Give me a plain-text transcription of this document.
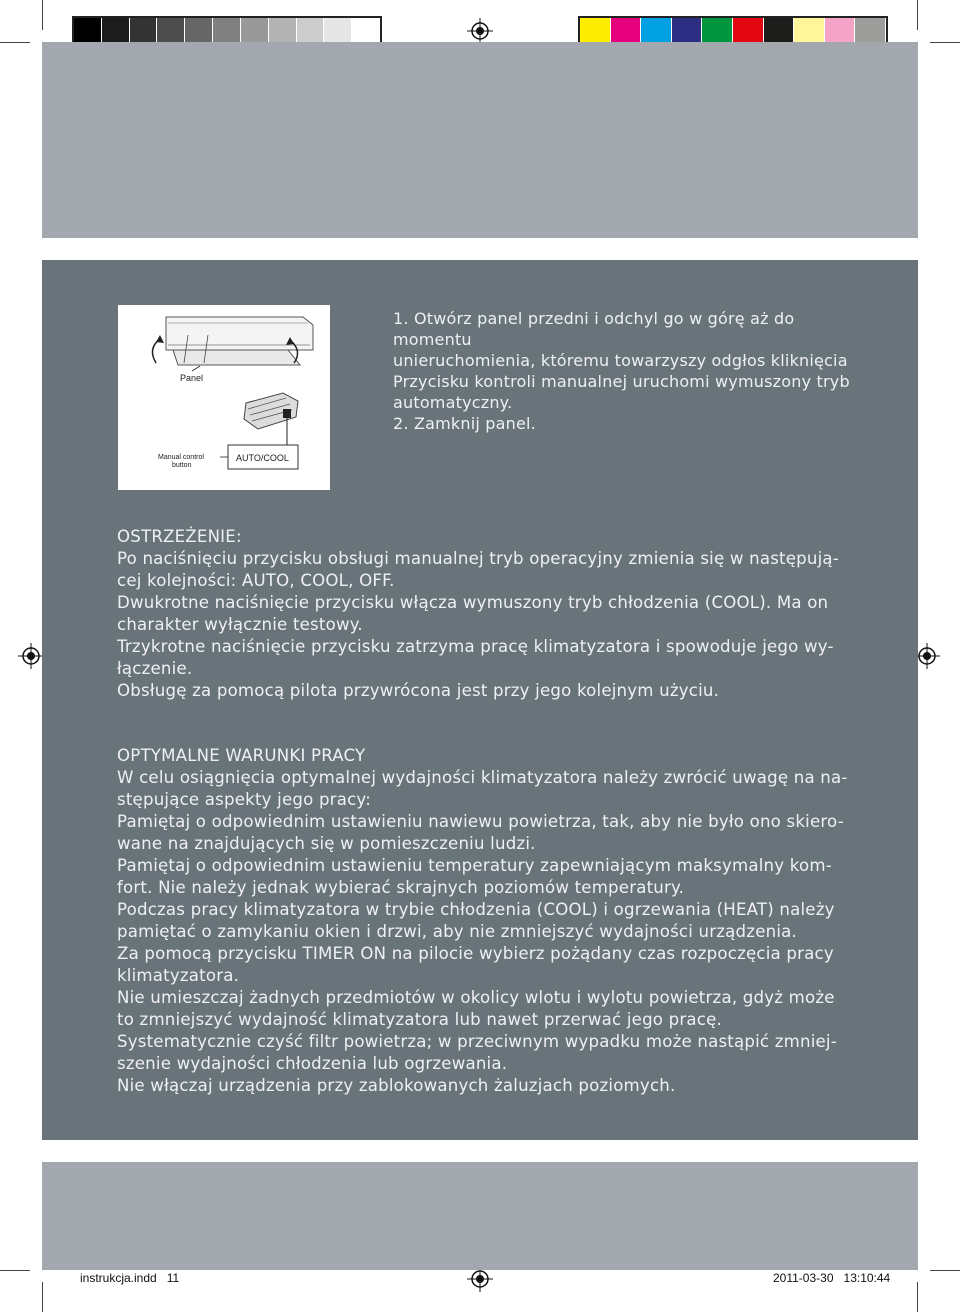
Panel
AUTO/COOL
Manual control
button
1. Otwórz panel przedni i odchyl go w górę aż do momentu
unieruchomienia, któremu towarzyszy odgłos kliknięcia
Przycisku kontroli manualnej uruchomi wymuszony tryb
automatyczny.
2. Zamknij panel.
OSTRZEŻENIE:
Po naciśnięciu przycisku obsługi manualnej tryb operacyjny zmienia się w następują-
cej kolejności: AUTO, COOL, OFF.
Dwukrotne naciśnięcie przycisku włącza wymuszony tryb chłodzenia (COOL). Ma on
charakter wyłącznie testowy.
Trzykrotne naciśnięcie przycisku zatrzyma pracę klimatyzatora i spowoduje jego wy-
łączenie.
Obsługę za pomocą pilota przywrócona jest przy jego kolejnym użyciu.
OPTYMALNE WARUNKI PRACY
W celu osiągnięcia optymalnej wydajności klimatyzatora należy zwrócić uwagę na na-
stępujące aspekty jego pracy:
Pamiętaj o odpowiednim ustawieniu nawiewu powietrza, tak, aby nie było ono skiero-
wane na znajdujących się w pomieszczeniu ludzi.
Pamiętaj o odpowiednim ustawieniu temperatury zapewniającym maksymalny kom-
fort. Nie należy jednak wybierać skrajnych poziomów temperatury.
Podczas pracy klimatyzatora w trybie chłodzenia (COOL) i ogrzewania (HEAT) należy
pamiętać o zamykaniu okien i drzwi, aby nie zmniejszyć wydajności urządzenia.
Za pomocą przycisku TIMER ON na pilocie wybierz pożądany czas rozpoczęcia pracy
klimatyzatora.
Nie umieszczaj żadnych przedmiotów w okolicy wlotu i wylotu powietrza, gdyż może
to zmniejszyć wydajność klimatyzatora lub nawet przerwać jego pracę.
Systematycznie czyść filtr powietrza; w przeciwnym wypadku może nastąpić zmniej-
szenie wydajności chłodzenia lub ogrzewania.
Nie włączaj urządzenia przy zablokowanych żaluzjach poziomych.
instrukcja.indd 11	2011-03-30 13:10:44
